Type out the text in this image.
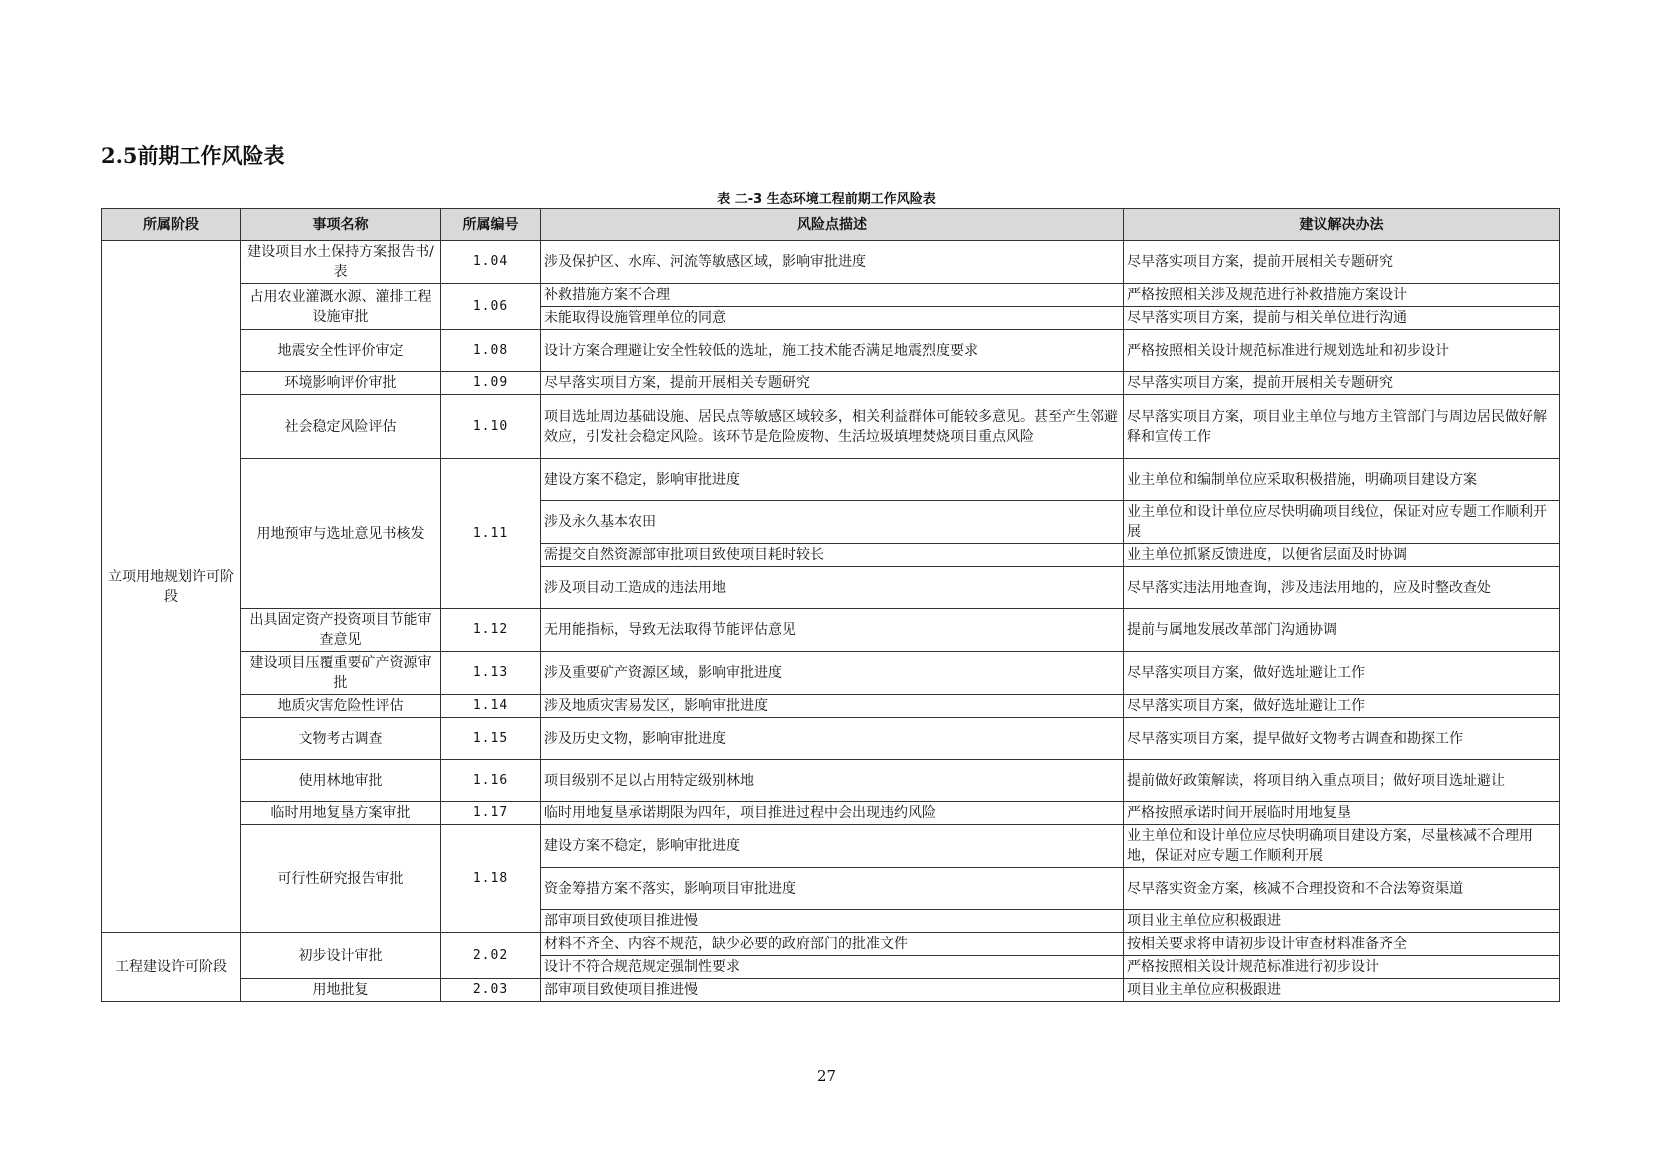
2.5前期工作风险表
表 二-3 生态环境工程前期工作风险表
所属阶段	事项名称	所属编号	风险点描述	建议解决办法
立项用地规划许可阶段	建设项目水土保持方案报告书/表	1.04	涉及保护区、水库、河流等敏感区域，影响审批进度	尽早落实项目方案，提前开展相关专题研究
	占用农业灌溉水源、灌排工程设施审批	1.06	补救措施方案不合理	严格按照相关涉及规范进行补救措施方案设计
			未能取得设施管理单位的同意	尽早落实项目方案，提前与相关单位进行沟通
	地震安全性评价审定	1.08	设计方案合理避让安全性较低的选址，施工技术能否满足地震烈度要求	严格按照相关设计规范标准进行规划选址和初步设计
	环境影响评价审批	1.09	尽早落实项目方案，提前开展相关专题研究	尽早落实项目方案，提前开展相关专题研究
	社会稳定风险评估	1.10	项目选址周边基础设施、居民点等敏感区域较多，相关利益群体可能较多意见。甚至产生邻避效应，引发社会稳定风险。该环节是危险废物、生活垃圾填埋焚烧项目重点风险	尽早落实项目方案，项目业主单位与地方主管部门与周边居民做好解释和宣传工作
	用地预审与选址意见书核发	1.11	建设方案不稳定，影响审批进度	业主单位和编制单位应采取积极措施，明确项目建设方案
			涉及永久基本农田	业主单位和设计单位应尽快明确项目线位，保证对应专题工作顺利开展
			需提交自然资源部审批项目致使项目耗时较长	业主单位抓紧反馈进度，以便省层面及时协调
			涉及项目动工造成的违法用地	尽早落实违法用地查询，涉及违法用地的，应及时整改查处
	出具固定资产投资项目节能审查意见	1.12	无用能指标，导致无法取得节能评估意见	提前与属地发展改革部门沟通协调
	建设项目压覆重要矿产资源审批	1.13	涉及重要矿产资源区域，影响审批进度	尽早落实项目方案，做好选址避让工作
	地质灾害危险性评估	1.14	涉及地质灾害易发区，影响审批进度	尽早落实项目方案，做好选址避让工作
	文物考古调查	1.15	涉及历史文物，影响审批进度	尽早落实项目方案，提早做好文物考古调查和勘探工作
	使用林地审批	1.16	项目级别不足以占用特定级别林地	提前做好政策解读，将项目纳入重点项目；做好项目选址避让
	临时用地复垦方案审批	1.17	临时用地复垦承诺期限为四年，项目推进过程中会出现违约风险	严格按照承诺时间开展临时用地复垦
	可行性研究报告审批	1.18	建设方案不稳定，影响审批进度	业主单位和设计单位应尽快明确项目建设方案，尽量核减不合理用地，保证对应专题工作顺利开展
			资金筹措方案不落实，影响项目审批进度	尽早落实资金方案，核减不合理投资和不合法筹资渠道
			部审项目致使项目推进慢	项目业主单位应积极跟进
工程建设许可阶段	初步设计审批	2.02	材料不齐全、内容不规范，缺少必要的政府部门的批准文件	按相关要求将申请初步设计审查材料准备齐全
			设计不符合规范规定强制性要求	严格按照相关设计规范标准进行初步设计
	用地批复	2.03	部审项目致使项目推进慢	项目业主单位应积极跟进
27
